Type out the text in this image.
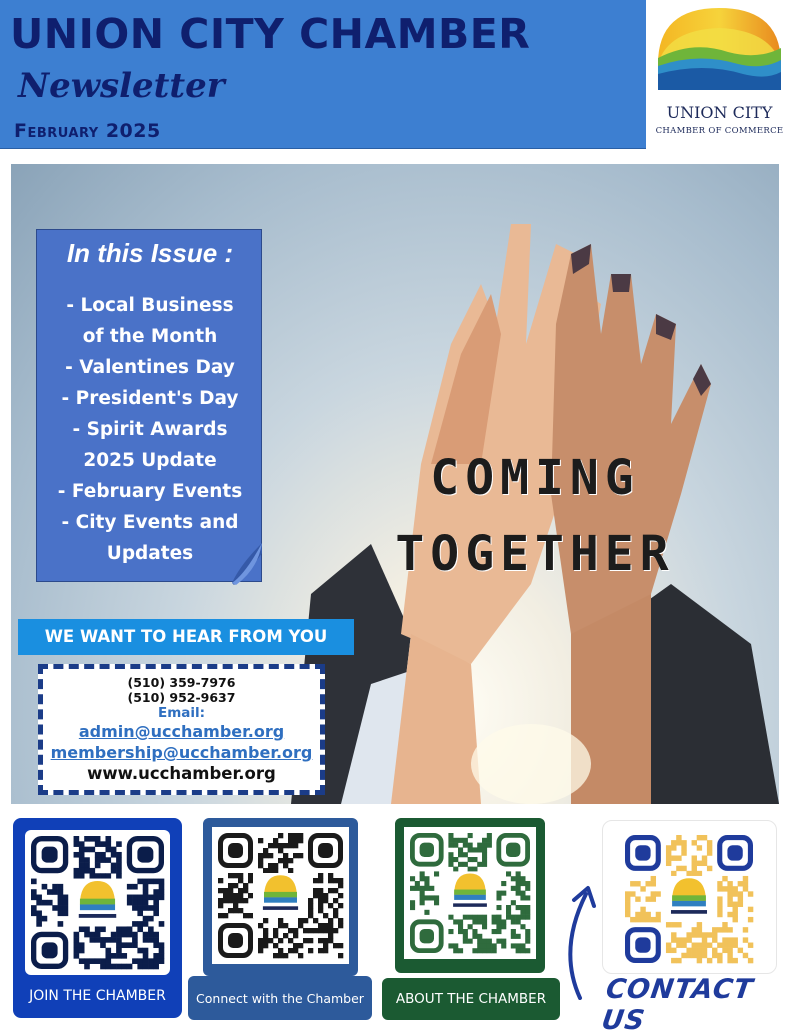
UNION CITY CHAMBER
Newsletter
February 2025
UNION CITY
CHAMBER OF COMMERCE
In this Issue :
- Local Business
of the Month
- Valentines Day
- President's Day
- Spirit Awards
2025 Update
- February Events
- City Events and
Updates
COMING
TOGETHER
WE WANT TO HEAR FROM YOU
(510) 359-7976
(510) 952-9637
Email:
admin@ucchamber.org
membership@ucchamber.org
www.ucchamber.org
JOIN THE CHAMBER	Connect with the Chamber	ABOUT THE CHAMBER	CONTACT US
